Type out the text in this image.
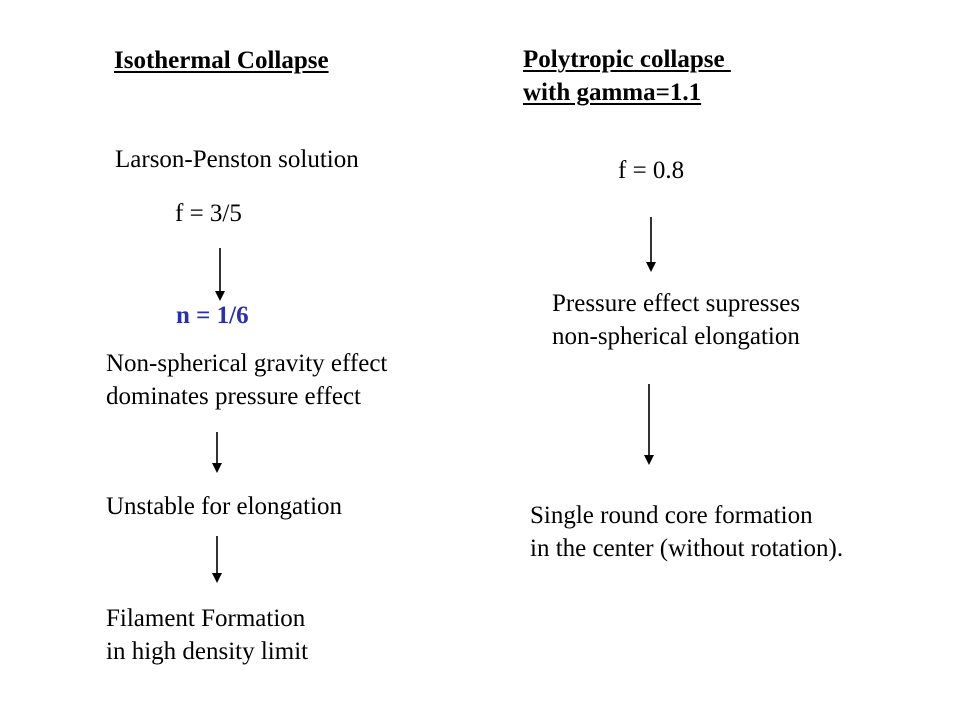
Isothermal Collapse
Larson-Penston solution
f = 3/5
n = 1/6
Non-spherical gravity effect
dominates pressure effect
Unstable for elongation
Filament Formation
in high density limit
Polytropic collapse
with gamma=1.1
f = 0.8
Pressure effect supresses
non-spherical elongation
Single round core formation
in the center (without rotation).
